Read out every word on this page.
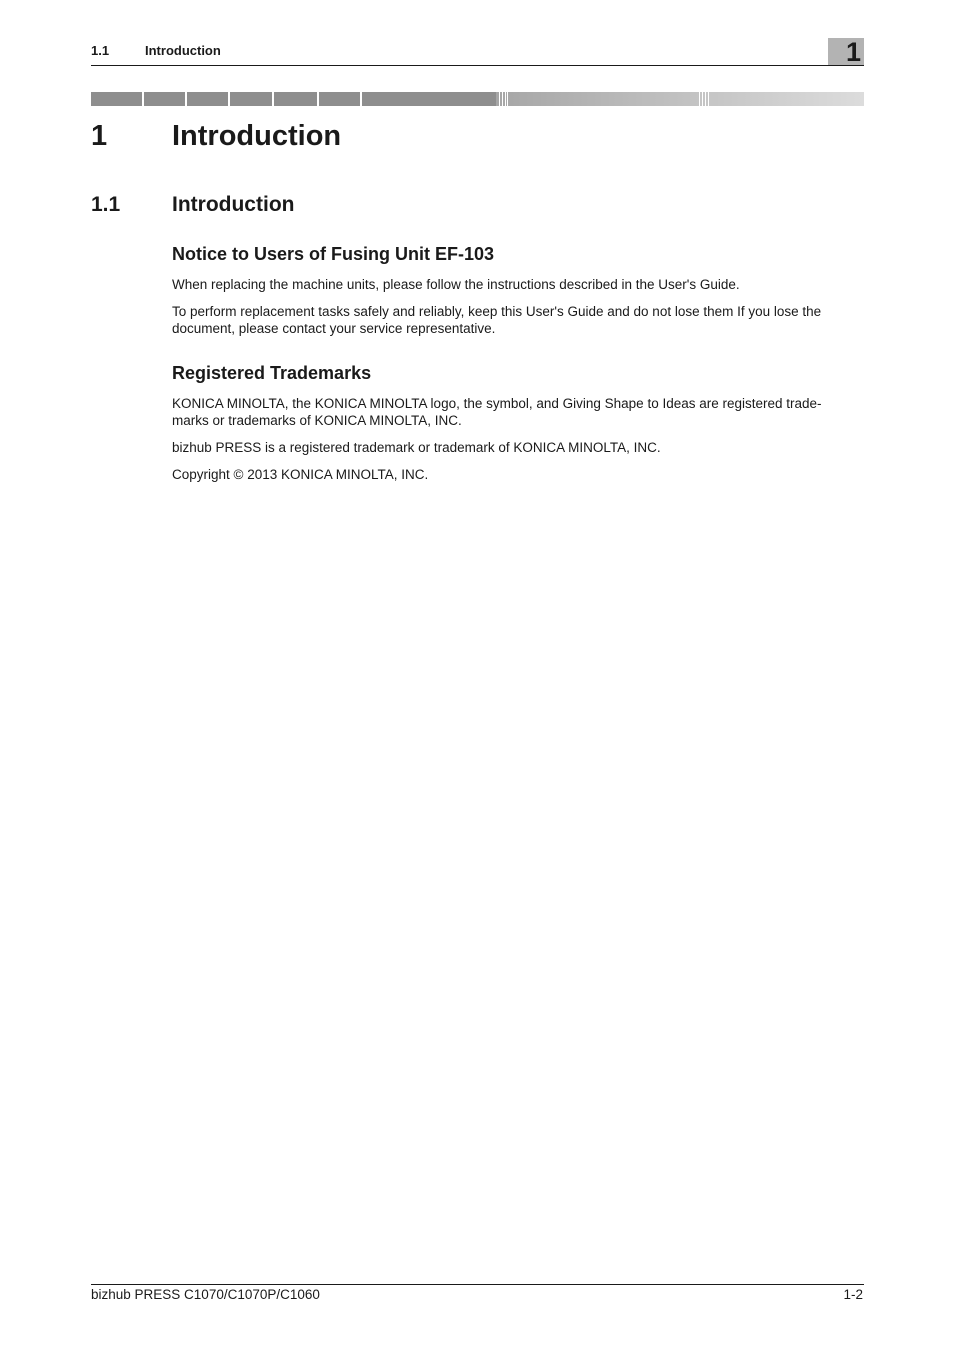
1.1	Introduction	1
1 Introduction
1.1 Introduction
Notice to Users of Fusing Unit EF-103
When replacing the machine units, please follow the instructions described in the User's Guide.
To perform replacement tasks safely and reliably, keep this User's Guide and do not lose them If you lose the
document, please contact your service representative.
Registered Trademarks
KONICA MINOLTA, the KONICA MINOLTA logo, the symbol, and Giving Shape to Ideas are registered trade-
marks or trademarks of KONICA MINOLTA, INC.
bizhub PRESS is a registered trademark or trademark of KONICA MINOLTA, INC.
Copyright © 2013 KONICA MINOLTA, INC.
bizhub PRESS C1070/C1070P/C1060	1-2
